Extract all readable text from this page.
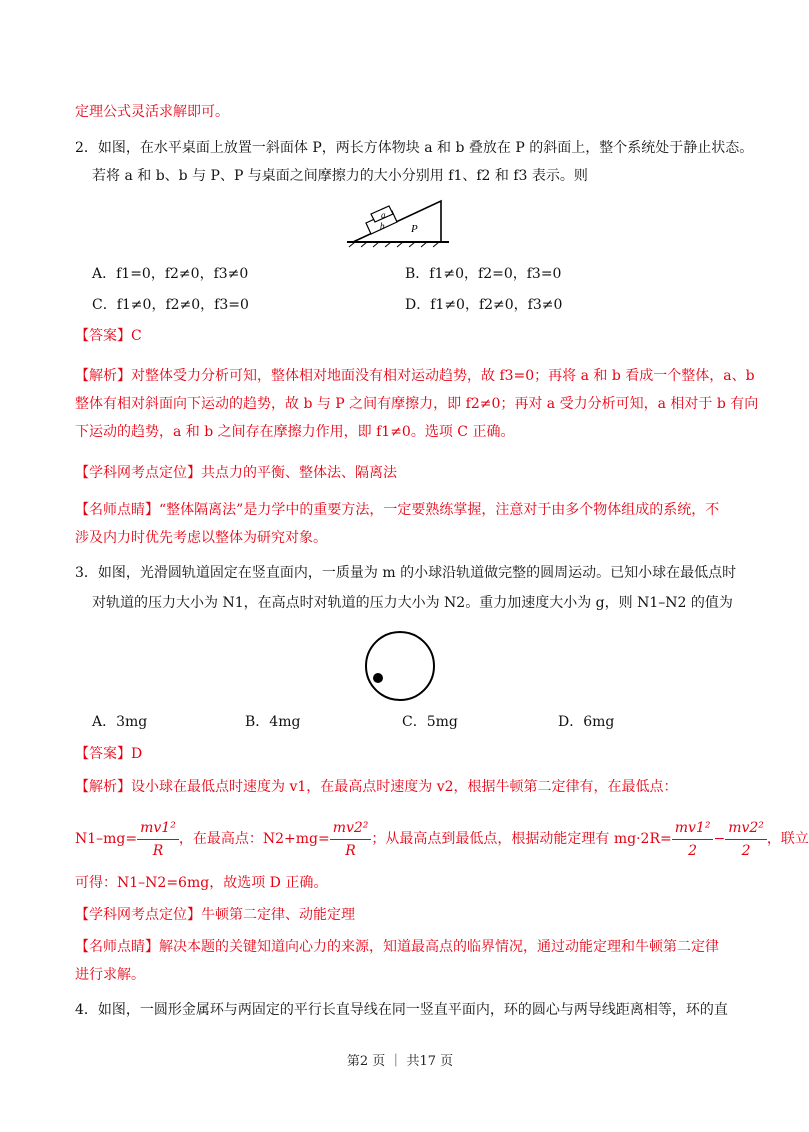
定理公式灵活求解即可。
2．如图，在水平桌面上放置一斜面体 P，两长方体物块 a 和 b 叠放在 P 的斜面上，整个系统处于静止状态。
若将 a 和 b、b 与 P、P 与桌面之间摩擦力的大小分别用 f1、f2 和 f3 表示。则
a
b P
A．f1=0，f2≠0，f3≠0	B．f1≠0，f2=0，f3=0
C．f1≠0，f2≠0，f3=0	D．f1≠0，f2≠0，f3≠0
【答案】C
【解析】对整体受力分析可知，整体相对地面没有相对运动趋势，故 f3=0；再将 a 和 b 看成一个整体，a、b
整体有相对斜面向下运动的趋势，故 b 与 P 之间有摩擦力，即 f2≠0；再对 a 受力分析可知，a 相对于 b 有向
下运动的趋势，a 和 b 之间存在摩擦力作用，即 f1≠0。选项 C 正确。
【学科网考点定位】共点力的平衡、整体法、隔离法
【名师点睛】“整体隔离法”是力学中的重要方法，一定要熟练掌握，注意对于由多个物体组成的系统，不
涉及内力时优先考虑以整体为研究对象。
3．如图，光滑圆轨道固定在竖直面内，一质量为 m 的小球沿轨道做完整的圆周运动。已知小球在最低点时
对轨道的压力大小为 N1，在高点时对轨道的压力大小为 N2。重力加速度大小为 g，则 N1–N2 的值为
A．3mg	B．4mg	C．5mg	D．6mg
【答案】D
【解析】设小球在最低点时速度为 v1，在最高点时速度为 v2，根据牛顿第二定律有，在最低点：
$N1-mg= \frac{\text{mv1²}}{R}$ ，在最高点：$N2+mg= \frac{\text{mv2²}}{R}$ ；从最高点到最低点，根据动能定理有 $mg\cdot 2R= \frac{\text{mv1²}}{2} - \frac{\text{mv2²}}{2}$ ，联立
可得：N1–N2=6mg，故选项 D 正确。
【学科网考点定位】牛顿第二定律、动能定理
【名师点睛】解决本题的关键知道向心力的来源，知道最高点的临界情况，通过动能定理和牛顿第二定律
进行求解。
4．如图，一圆形金属环与两固定的平行长直导线在同一竖直平面内，环的圆心与两导线距离相等，环的直
第2 页 ｜ 共17 页
